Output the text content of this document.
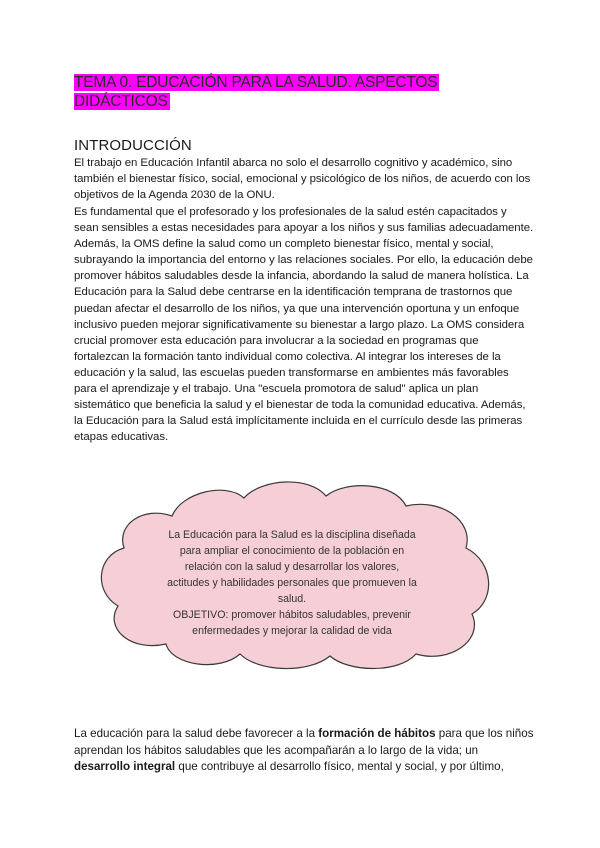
TEMA 0. EDUCACIÓN PARA LA SALUD. ASPECTOS DIDÁCTICOS
INTRODUCCIÓN

El trabajo en Educación Infantil abarca no solo el desarrollo cognitivo y académico, sino también el bienestar físico, social, emocional y psicológico de los niños, de acuerdo con los objetivos de la Agenda 2030 de la ONU.

Es fundamental que el profesorado y los profesionales de la salud estén capacitados y sean sensibles a estas necesidades para apoyar a los niños y sus familias adecuadamente. Además, la OMS define la salud como un completo bienestar físico, mental y social, subrayando la importancia del entorno y las relaciones sociales. Por ello, la educación debe promover hábitos saludables desde la infancia, abordando la salud de manera holística. La Educación para la Salud debe centrarse en la identificación temprana de trastornos que puedan afectar el desarrollo de los niños, ya que una intervención oportuna y un enfoque inclusivo pueden mejorar significativamente su bienestar a largo plazo. La OMS considera crucial promover esta educación para involucrar a la sociedad en programas que fortalezcan la formación tanto individual como colectiva. Al integrar los intereses de la educación y la salud, las escuelas pueden transformarse en ambientes más favorables para el aprendizaje y el trabajo. Una "escuela promotora de salud" aplica un plan sistemático que beneficia la salud y el bienestar de toda la comunidad educativa. Además, la Educación para la Salud está implícitamente incluida en el currículo desde las primeras etapas educativas.

La Educación para la Salud es la disciplina diseñada
para ampliar el conocimiento de la población en
relación con la salud y desarrollar los valores,
actitudes y habilidades personales que promueven la
salud.
OBJETIVO: promover hábitos saludables, prevenir
enfermedades y mejorar la calidad de vida

La educación para la salud debe favorecer a la formación de hábitos para que los niños aprendan los hábitos saludables que les acompañarán a lo largo de la vida; un desarrollo integral que contribuye al desarrollo físico, mental y social, y por último,
